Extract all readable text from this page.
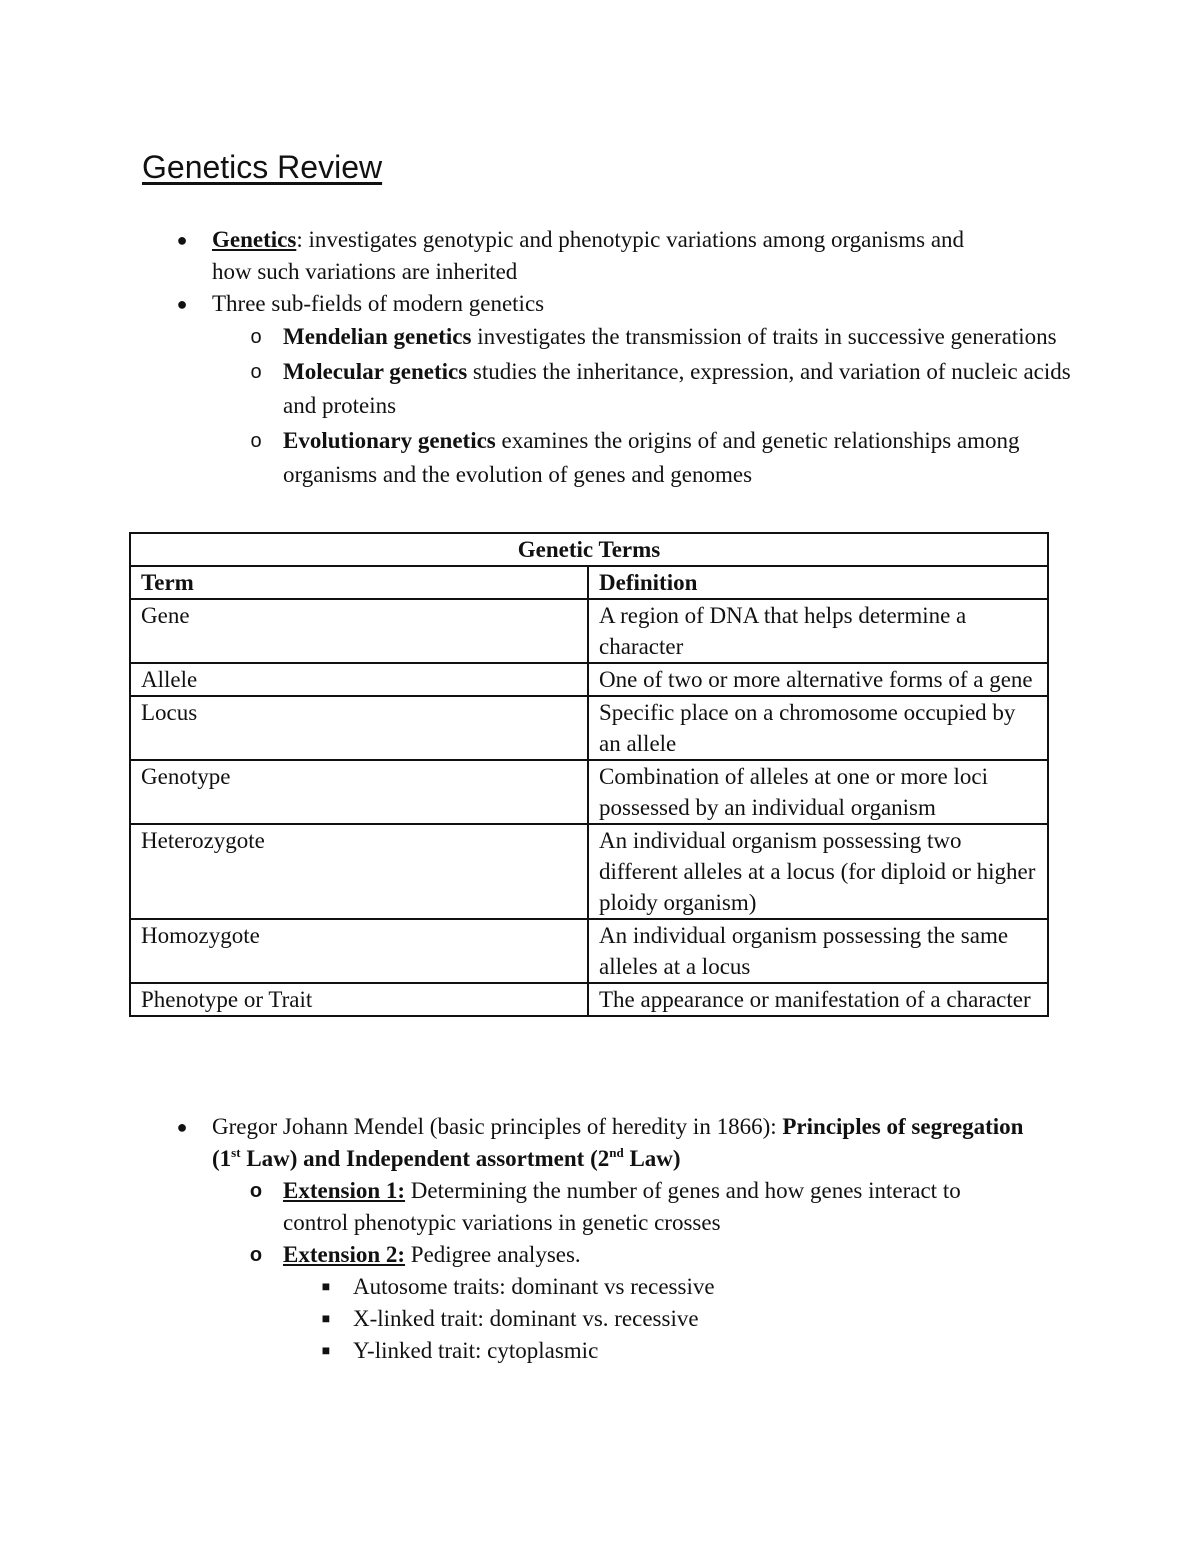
Genetics Review
● Genetics: investigates genotypic and phenotypic variations among organisms and how such variations are inherited
● Three sub-fields of modern genetics
o Mendelian genetics investigates the transmission of traits in successive generations
o Molecular genetics studies the inheritance, expression, and variation of nucleic acids and proteins
o Evolutionary genetics examines the origins of and genetic relationships among organisms and the evolution of genes and genomes
Genetic Terms	
Term	Definition
Gene	A region of DNA that helps determine a character
Allele	One of two or more alternative forms of a gene
Locus	Specific place on a chromosome occupied by an allele
Genotype	Combination of alleles at one or more loci possessed by an individual organism
Heterozygote	An individual organism possessing two different alleles at a locus (for diploid or higher ploidy organism)
Homozygote	An individual organism possessing the same alleles at a locus
Phenotype or Trait	The appearance or manifestation of a character
● Gregor Johann Mendel (basic principles of heredity in 1866): Principles of segregation (1st Law) and Independent assortment (2nd Law)
o Extension 1: Determining the number of genes and how genes interact to control phenotypic variations in genetic crosses
o Extension 2: Pedigree analyses.
■ Autosome traits: dominant vs recessive
■ X-linked trait: dominant vs. recessive
■ Y-linked trait: cytoplasmic
